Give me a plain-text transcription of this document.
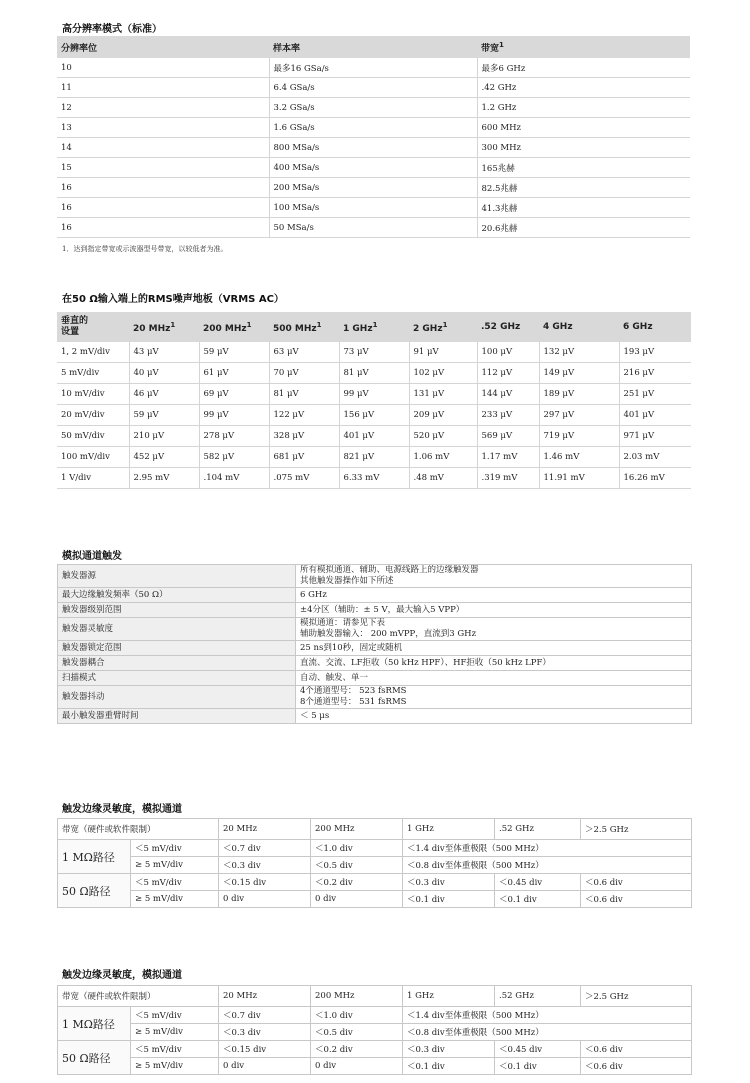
高分辨率模式（标准）
分辨率位	样本率	带宽$^1$
10	最多16 GSa/s	最多6 GHz
11	6.4 GSa/s	.42 GHz
12	3.2 GSa/s	1.2 GHz
13	1.6 GSa/s	600 MHz
14	800 MSa/s	300 MHz
15	400 MSa/s	165兆赫
16	200 MSa/s	82.5兆赫
16	100 MSa/s	41.3兆赫
16	50 MSa/s	20.6兆赫
1．达到指定带宽或示波器型号带宽，以较低者为准。
在50 Ω输入端上的RMS噪声地板（VRMS AC）
垂直的
设置	20 MHz$^1$	200 MHz$^1$	500 MHz$^1$	1 GHz$^1$	2 GHz$^1$	.52 GHz	4 GHz	6 GHz
1, 2 mV/div	43 μV	59 μV	63 μV	73 μV	91 μV	100 μV	132 μV	193 μV
5 mV/div	40 μV	61 μV	70 μV	81 μV	102 μV	112 μV	149 μV	216 μV
10 mV/div	46 μV	69 μV	81 μV	99 μV	131 μV	144 μV	189 μV	251 μV
20 mV/div	59 μV	99 μV	122 μV	156 μV	209 μV	233 μV	297 μV	401 μV
50 mV/div	210 μV	278 μV	328 μV	401 μV	520 μV	569 μV	719 μV	971 μV
100 mV/div	452 μV	582 μV	681 μV	821 μV	1.06 mV	1.17 mV	1.46 mV	2.03 mV
1 V/div	2.95 mV	.104 mV	.075 mV	6.33 mV	.48 mV	.319 mV	11.91 mV	16.26 mV
模拟通道触发
触发器源	所有模拟通道、辅助、电源线路上的边缘触发器
其他触发器操作如下所述

最大边缘触发频率（50 Ω）	6 GHz

触发器级别范围	±4分区（辅助：± 5 V，最大输入5 VPP）

触发器灵敏度	模拟通道：请参见下表
辅助触发器输入： 200 mVPP，直流到3 GHz

触发器锁定范围	25 ns到10秒，固定或随机

触发器耦合	直流、交流、LF拒收（50 kHz HPF）、HF拒收（50 kHz LPF）

扫描模式	自动、触发、单一

触发器抖动	4个通道型号： 523 fsRMS
8个通道型号： 531 fsRMS

最小触发器重臂时间	＜ 5 μs
触发边缘灵敏度，模拟通道
带宽（硬件或软件限制）		20 MHz	200 MHz	1 GHz	.52 GHz	＞2.5 GHz
1 MΩ路径	＜5 mV/div	＜0.7 div	＜1.0 div	＜1.4 div至体重极限（500 MHz）		
	≥ 5 mV/div	＜0.3 div	＜0.5 div	＜0.8 div至体重极限（500 MHz）		
50 Ω路径	＜5 mV/div	＜0.15 div	＜0.2 div	＜0.3 div	＜0.45 div	＜0.6 div
	≥ 5 mV/div	0 div	0 div	＜0.1 div	＜0.1 div	＜0.6 div
触发边缘灵敏度，模拟通道
带宽（硬件或软件限制）		20 MHz	200 MHz	1 GHz	.52 GHz	＞2.5 GHz
1 MΩ路径	＜5 mV/div	＜0.7 div	＜1.0 div	＜1.4 div至体重极限（500 MHz）		
	≥ 5 mV/div	＜0.3 div	＜0.5 div	＜0.8 div至体重极限（500 MHz）		
50 Ω路径	＜5 mV/div	＜0.15 div	＜0.2 div	＜0.3 div	＜0.45 div	＜0.6 div
	≥ 5 mV/div	0 div	0 div	＜0.1 div	＜0.1 div	＜0.6 div
